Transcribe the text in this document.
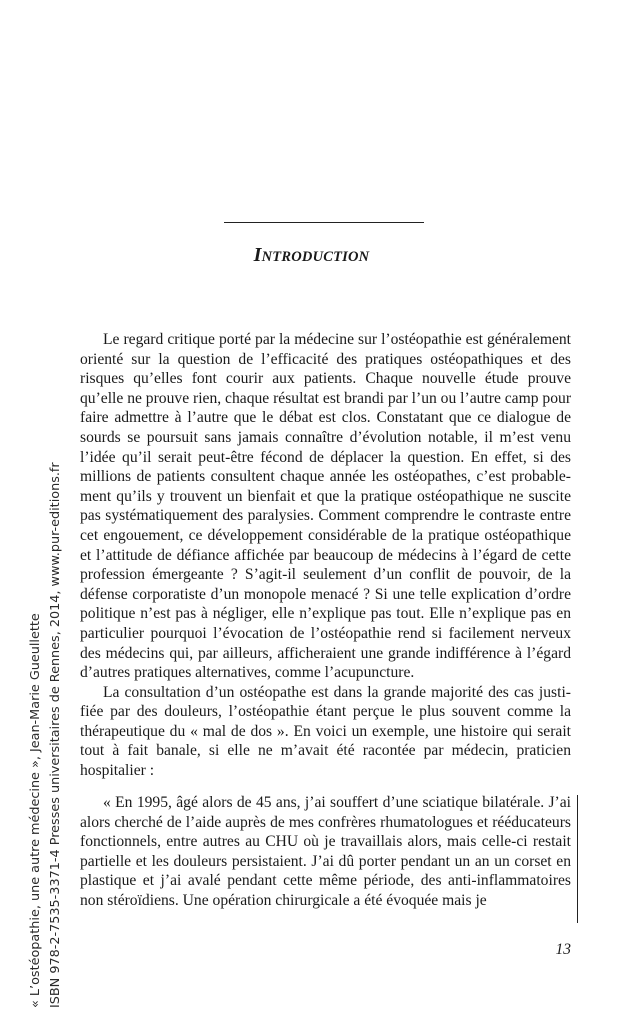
INTRODUCTION

Le regard critique porté par la médecine sur l’ostéopathie est généralement orienté sur la question de l’efficacité des pratiques ostéopathiques et des risques qu’elles font courir aux patients. Chaque nouvelle étude prouve qu’elle ne prouve rien, chaque résultat est brandi par l’un ou l’autre camp pour faire admettre à l’autre que le débat est clos. Constatant que ce dialogue de sourds se poursuit sans jamais connaître d’évolution notable, il m’est venu l’idée qu’il serait peut-être fécond de déplacer la question. En effet, si des millions de patients consultent chaque année les ostéopathes, c’est probablement qu’ils y trouvent un bienfait et que la pratique ostéopathique ne suscite pas systématiquement des paralysies. Comment comprendre le contraste entre cet engouement, ce développement considérable de la pratique ostéopathique et l’attitude de défiance affichée par beaucoup de médecins à l’égard de cette profession émergeante ? S’agit-il seulement d’un conflit de pouvoir, de la défense corporatiste d’un monopole menacé ? Si une telle explication d’ordre politique n’est pas à négliger, elle n’explique pas tout. Elle n’explique pas en particulier pourquoi l’évocation de l’ostéopathie rend si facilement nerveux des médecins qui, par ailleurs, afficheraient une grande indifférence à l’égard d’autres pratiques alternatives, comme l’acupuncture.

La consultation d’un ostéopathe est dans la grande majorité des cas justifiée par des douleurs, l’ostéopathie étant perçue le plus souvent comme la thérapeutique du « mal de dos ». En voici un exemple, une histoire qui serait tout à fait banale, si elle ne m’avait été racontée par médecin, praticien hospitalier :

« En 1995, âgé alors de 45 ans, j’ai souffert d’une sciatique bilatérale. J’ai alors cherché de l’aide auprès de mes confrères rhumatologues et rééducateurs fonctionnels, entre autres au CHU où je travaillais alors, mais celle-ci restait partielle et les douleurs persistaient. J’ai dû porter pendant un an un corset en plastique et j’ai avalé pendant cette même période, des anti-inflammatoires non stéroïdiens. Une opération chirurgicale a été évoquée mais je

13
« L’ostéopathie, une autre médecine », Jean-Marie Gueullette ISBN 978-2-7535-3371-4 Presses universitaires de Rennes, 2014, www.pur-editions.fr
